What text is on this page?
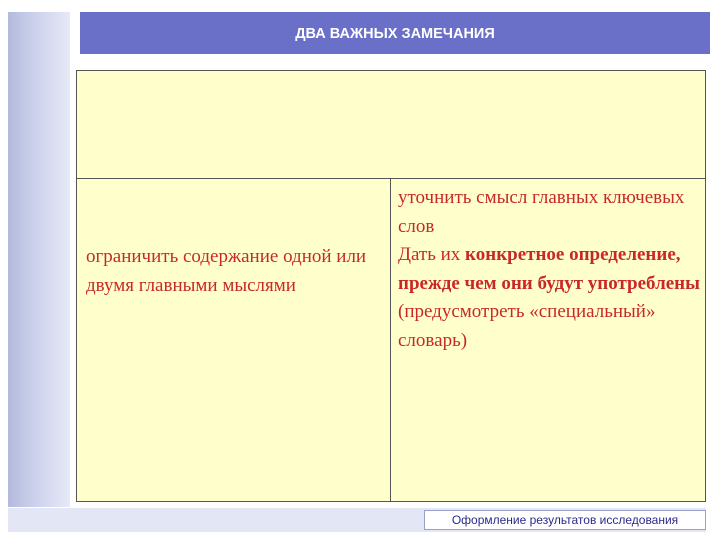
ДВА ВАЖНЫХ ЗАМЕЧАНИЯ
ограничить содержание одной или двумя главными мыслями
уточнить смысл главных ключевых слов
Дать их конкретное определение, прежде чем они будут употреблены
(предусмотреть «специальный» словарь)
Оформление результатов исследования
